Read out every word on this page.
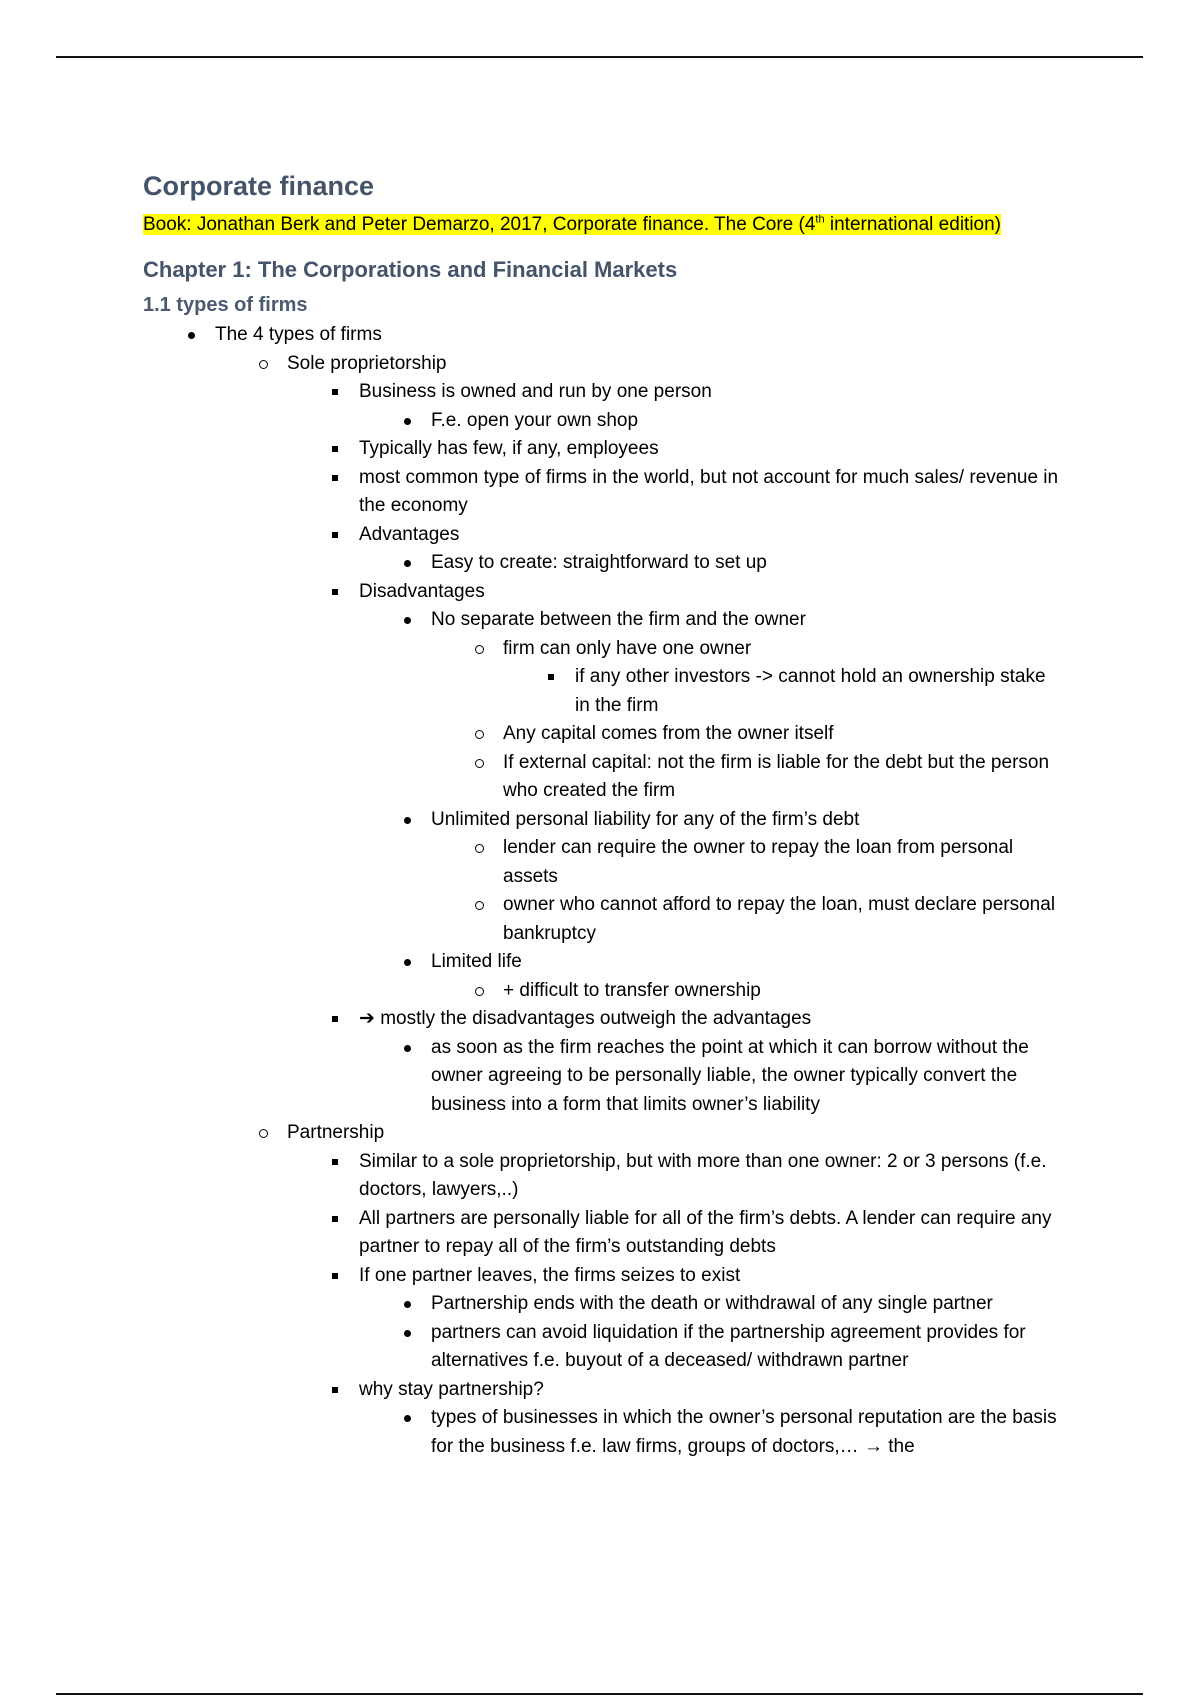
Corporate finance

Book: Jonathan Berk and Peter Demarzo, 2017, Corporate finance. The Core (4th international edition)

Chapter 1: The Corporations and Financial Markets
1.1 types of firms
The 4 types of firms
Sole proprietorship
Business is owned and run by one person
F.e. open your own shop
Typically has few, if any, employees
most common type of firms in the world, but not account for much sales/ revenue in the economy
Advantages
Easy to create: straightforward to set up
Disadvantages
No separate between the firm and the owner
firm can only have one owner
if any other investors -> cannot hold an ownership stake in the firm
Any capital comes from the owner itself
If external capital: not the firm is liable for the debt but the person who created the firm
Unlimited personal liability for any of the firm’s debt
lender can require the owner to repay the loan from personal assets
owner who cannot afford to repay the loan, must declare personal bankruptcy
Limited life
+ difficult to transfer ownership
➔ mostly the disadvantages outweigh the advantages
as soon as the firm reaches the point at which it can borrow without the owner agreeing to be personally liable, the owner typically convert the business into a form that limits owner’s liability
Partnership
Similar to a sole proprietorship, but with more than one owner: 2 or 3 persons (f.e. doctors, lawyers,..)
All partners are personally liable for all of the firm’s debts. A lender can require any partner to repay all of the firm’s outstanding debts
If one partner leaves, the firms seizes to exist
Partnership ends with the death or withdrawal of any single partner
partners can avoid liquidation if the partnership agreement provides for alternatives f.e. buyout of a deceased/ withdrawn partner
why stay partnership?
types of businesses in which the owner’s personal reputation are the basis for the business f.e. law firms, groups of doctors,… → the
